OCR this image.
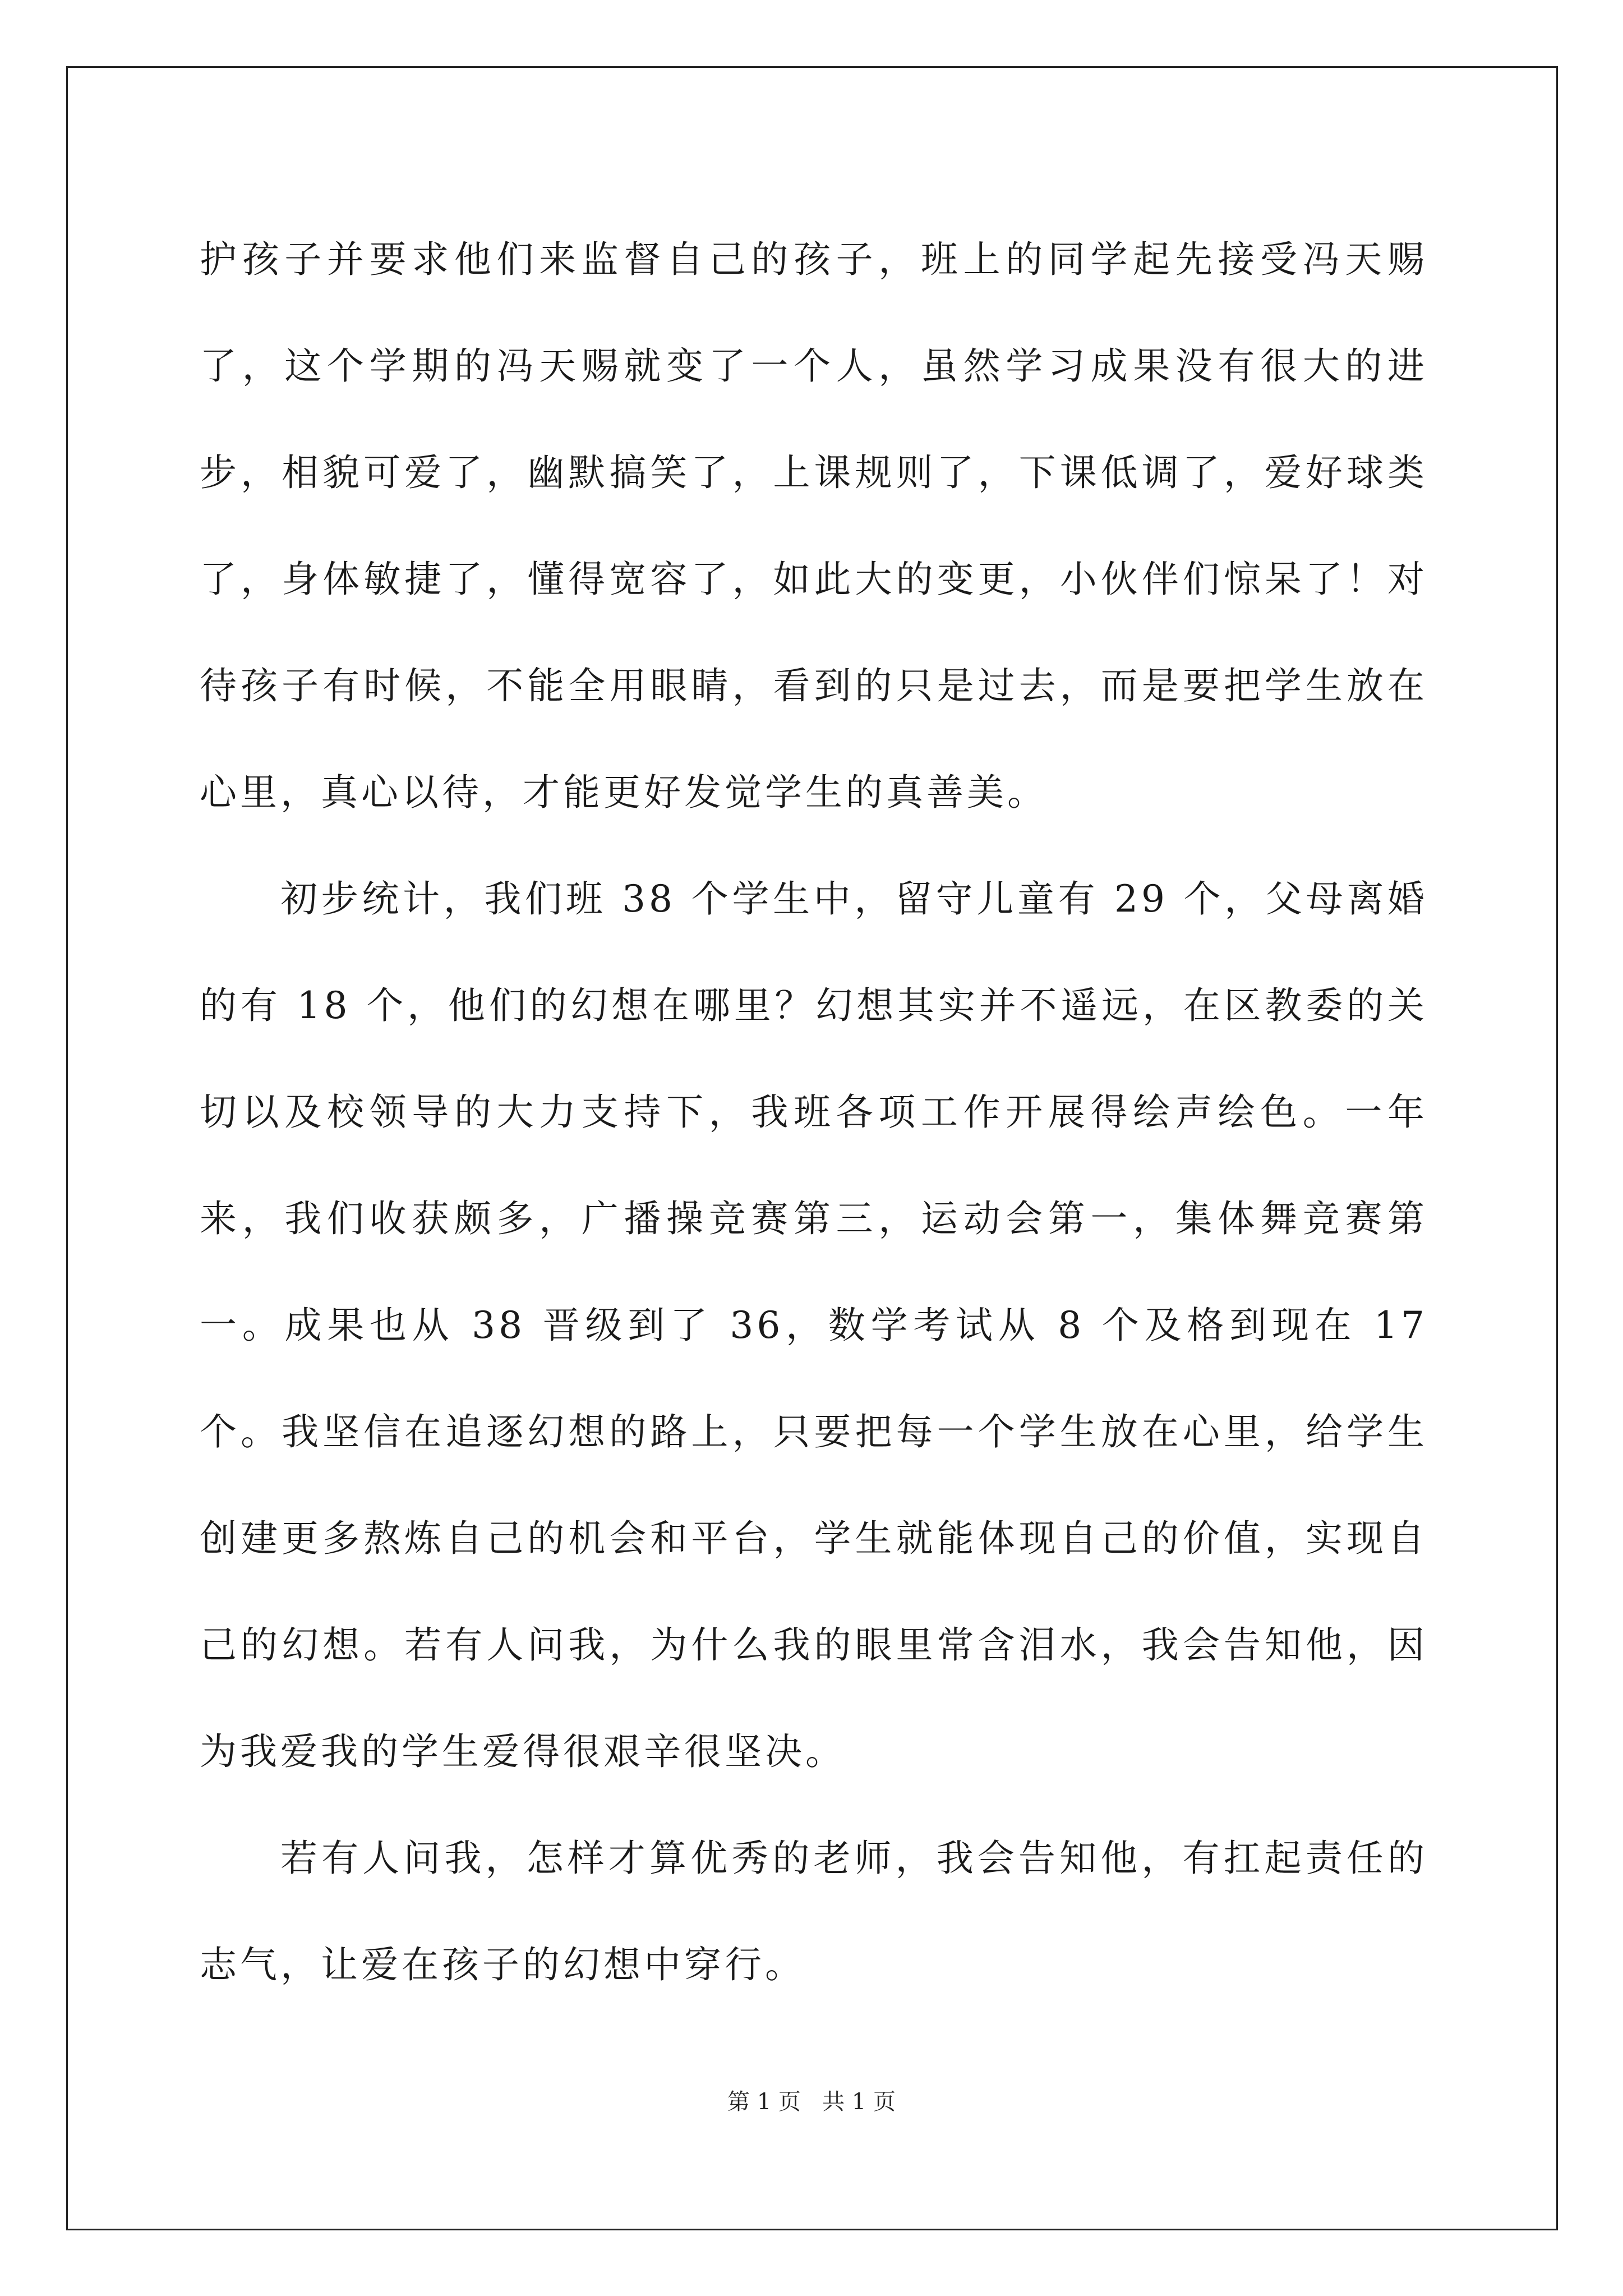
护孩子并要求他们来监督自己的孩子，班上的同学起先接受冯天赐了，这个学期的冯天赐就变了一个人，虽然学习成果没有很大的进步，相貌可爱了，幽默搞笑了，上课规则了，下课低调了，爱好球类了，身体敏捷了，懂得宽容了，如此大的变更，小伙伴们惊呆了！对待孩子有时候，不能全用眼睛，看到的只是过去，而是要把学生放在心里，真心以待，才能更好发觉学生的真善美。

初步统计，我们班 38 个学生中，留守儿童有 29 个，父母离婚的有 18 个，他们的幻想在哪里？幻想其实并不遥远，在区教委的关切以及校领导的大力支持下，我班各项工作开展得绘声绘色。一年来，我们收获颇多，广播操竞赛第三，运动会第一，集体舞竞赛第一。成果也从 38 晋级到了 36，数学考试从 8 个及格到现在 17 个。我坚信在追逐幻想的路上，只要把每一个学生放在心里，给学生创建更多熬炼自己的机会和平台，学生就能体现自己的价值，实现自己的幻想。若有人问我，为什么我的眼里常含泪水，我会告知他，因为我爱我的学生爱得很艰辛很坚决。

若有人问我，怎样才算优秀的老师，我会告知他，有扛起责任的志气，让爱在孩子的幻想中穿行。

第 1 页   共 1 页
